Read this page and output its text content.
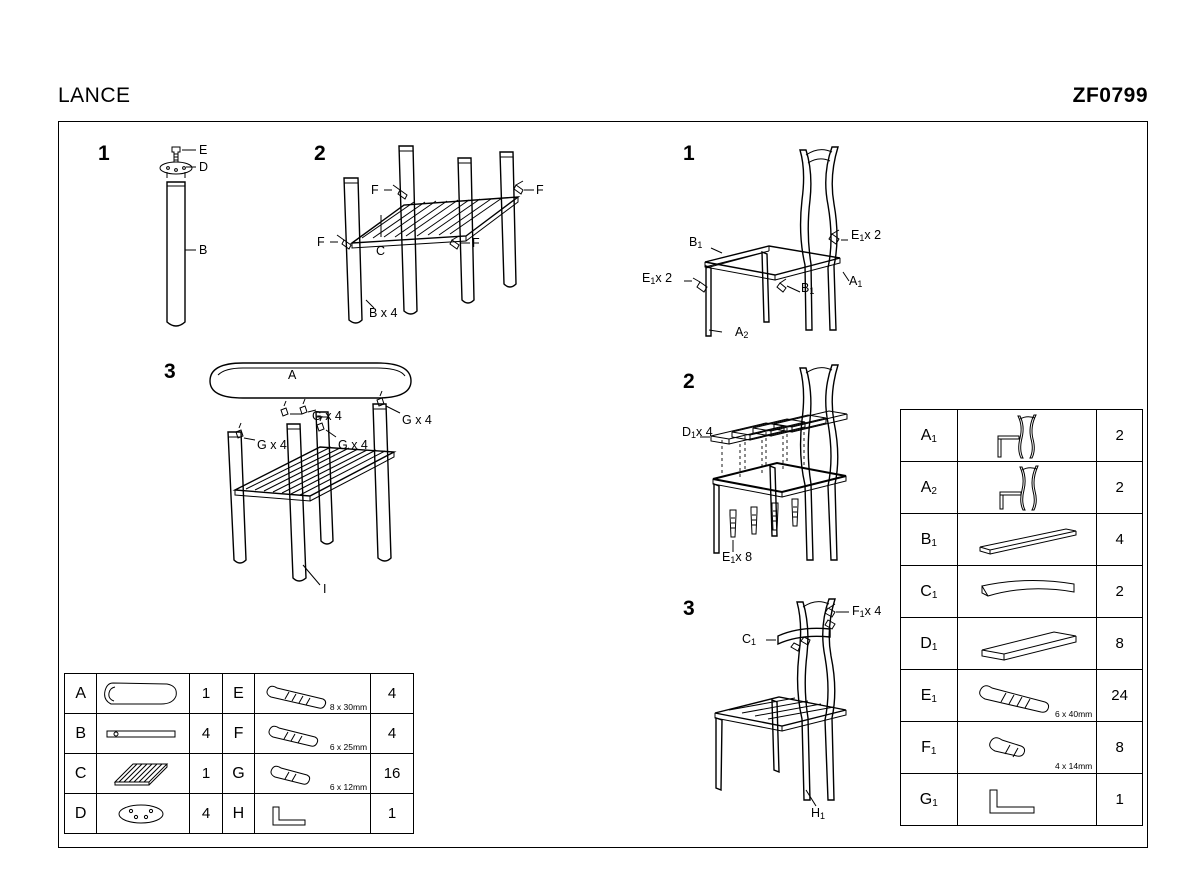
LANCE	ZF0799
1	2
3
E
D
B
F
F	F
F
C
B x 4
A
G x 4	G x 4
G x 4	G x 4
I
1
2
3
$B_1$
$E_1x$ 2
$E_1x$ 2
$B_1$
$A_1$
$A_2$
$D_1x$ 4
$E_1x$ 8
$F_1x$ 4
$C_1$
$H_1$
A		1	E	8 x 30mm	4
B		4	F	6 x 25mm	4
C		1	G	6 x 12mm	16
D		4	H		1
$A_1$		2
$A_2$		2
$B_1$		4
$C_1$		2
$D_1$		8
$E_1$	6 x 40mm	24
$F_1$	4 x 14mm	8
$G_1$		1
